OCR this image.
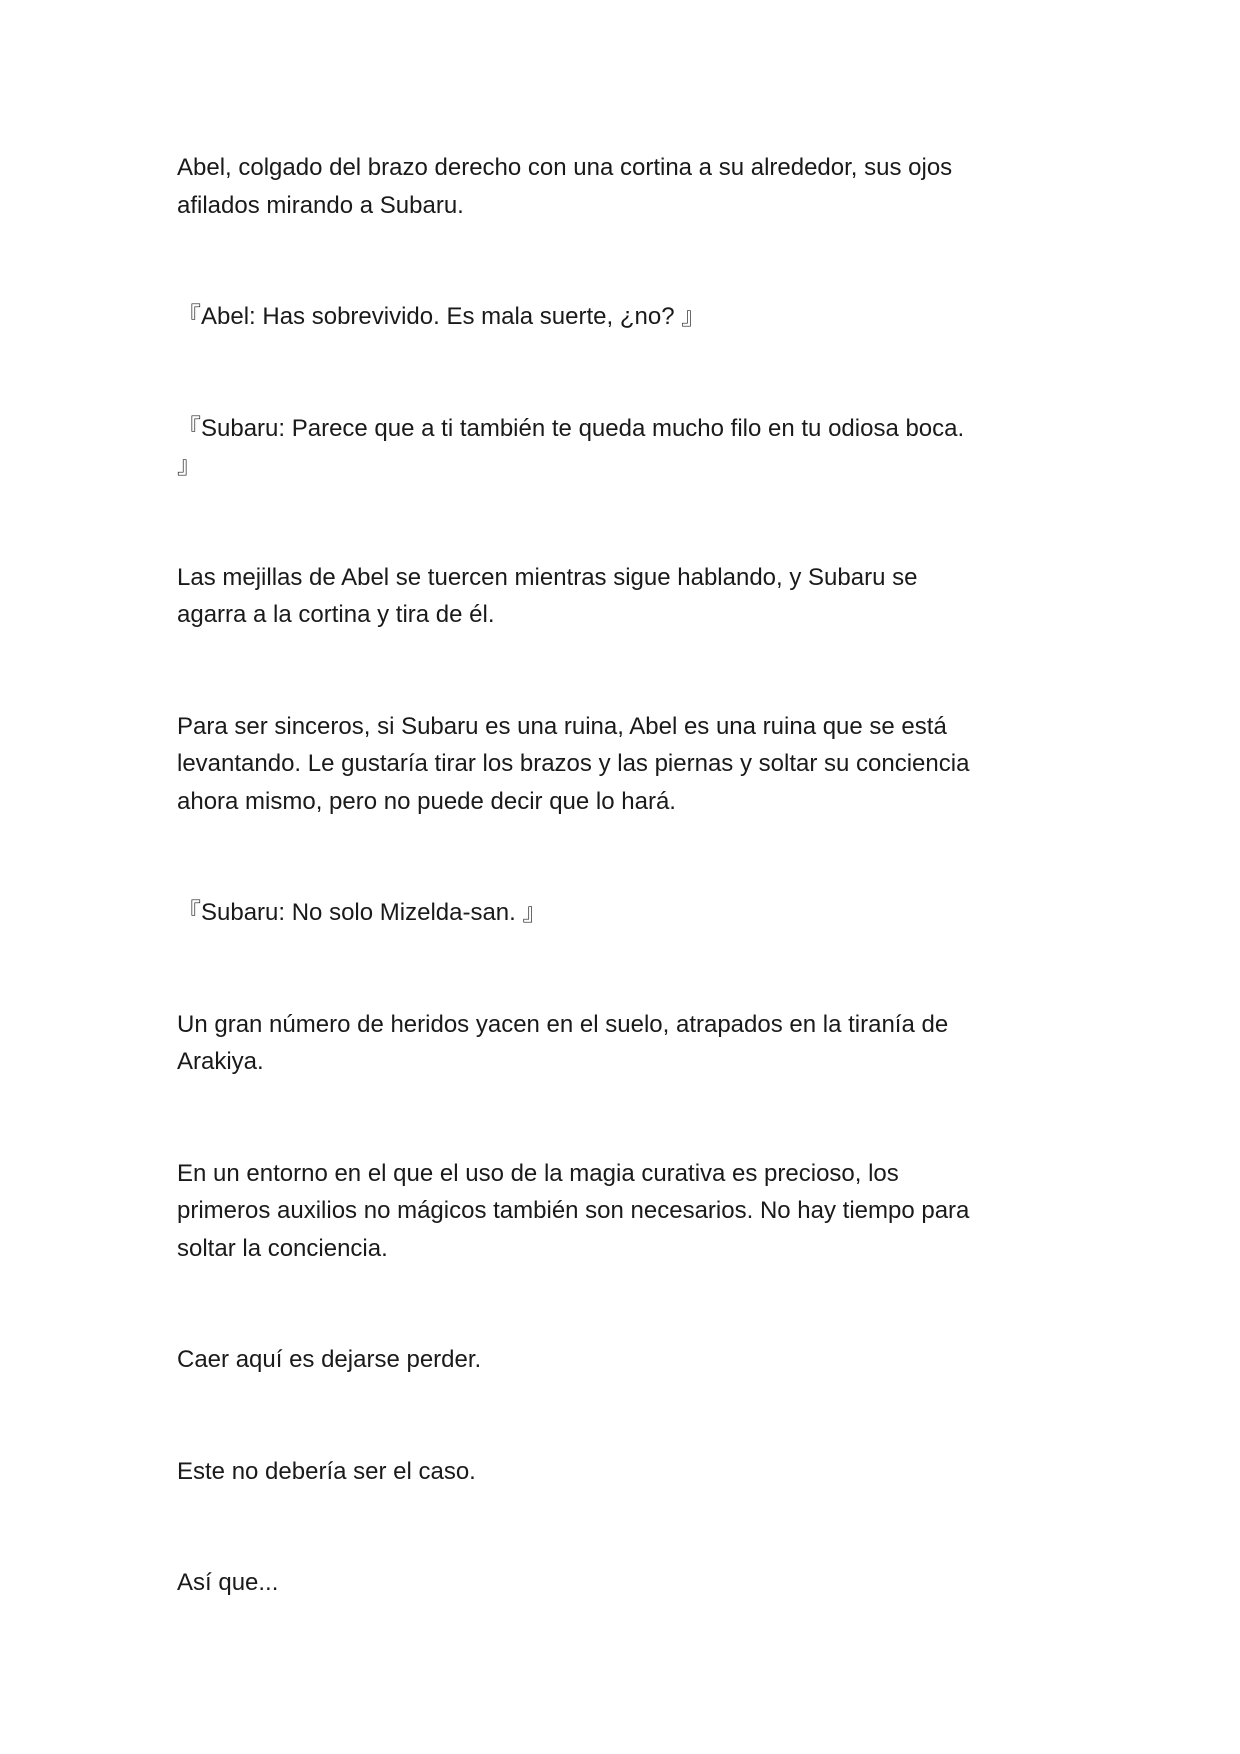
Abel, colgado del brazo derecho con una cortina a su alrededor, sus ojos
afilados mirando a Subaru.
『Abel: Has sobrevivido. Es mala suerte, ¿no? 』
『Subaru: Parece que a ti también te queda mucho filo en tu odiosa boca.
』
Las mejillas de Abel se tuercen mientras sigue hablando, y Subaru se
agarra a la cortina y tira de él.
Para ser sinceros, si Subaru es una ruina, Abel es una ruina que se está
levantando. Le gustaría tirar los brazos y las piernas y soltar su conciencia
ahora mismo, pero no puede decir que lo hará.
『Subaru: No solo Mizelda-san. 』
Un gran número de heridos yacen en el suelo, atrapados en la tiranía de
Arakiya.
En un entorno en el que el uso de la magia curativa es precioso, los
primeros auxilios no mágicos también son necesarios. No hay tiempo para
soltar la conciencia.
Caer aquí es dejarse perder.
Este no debería ser el caso.
Así que...
